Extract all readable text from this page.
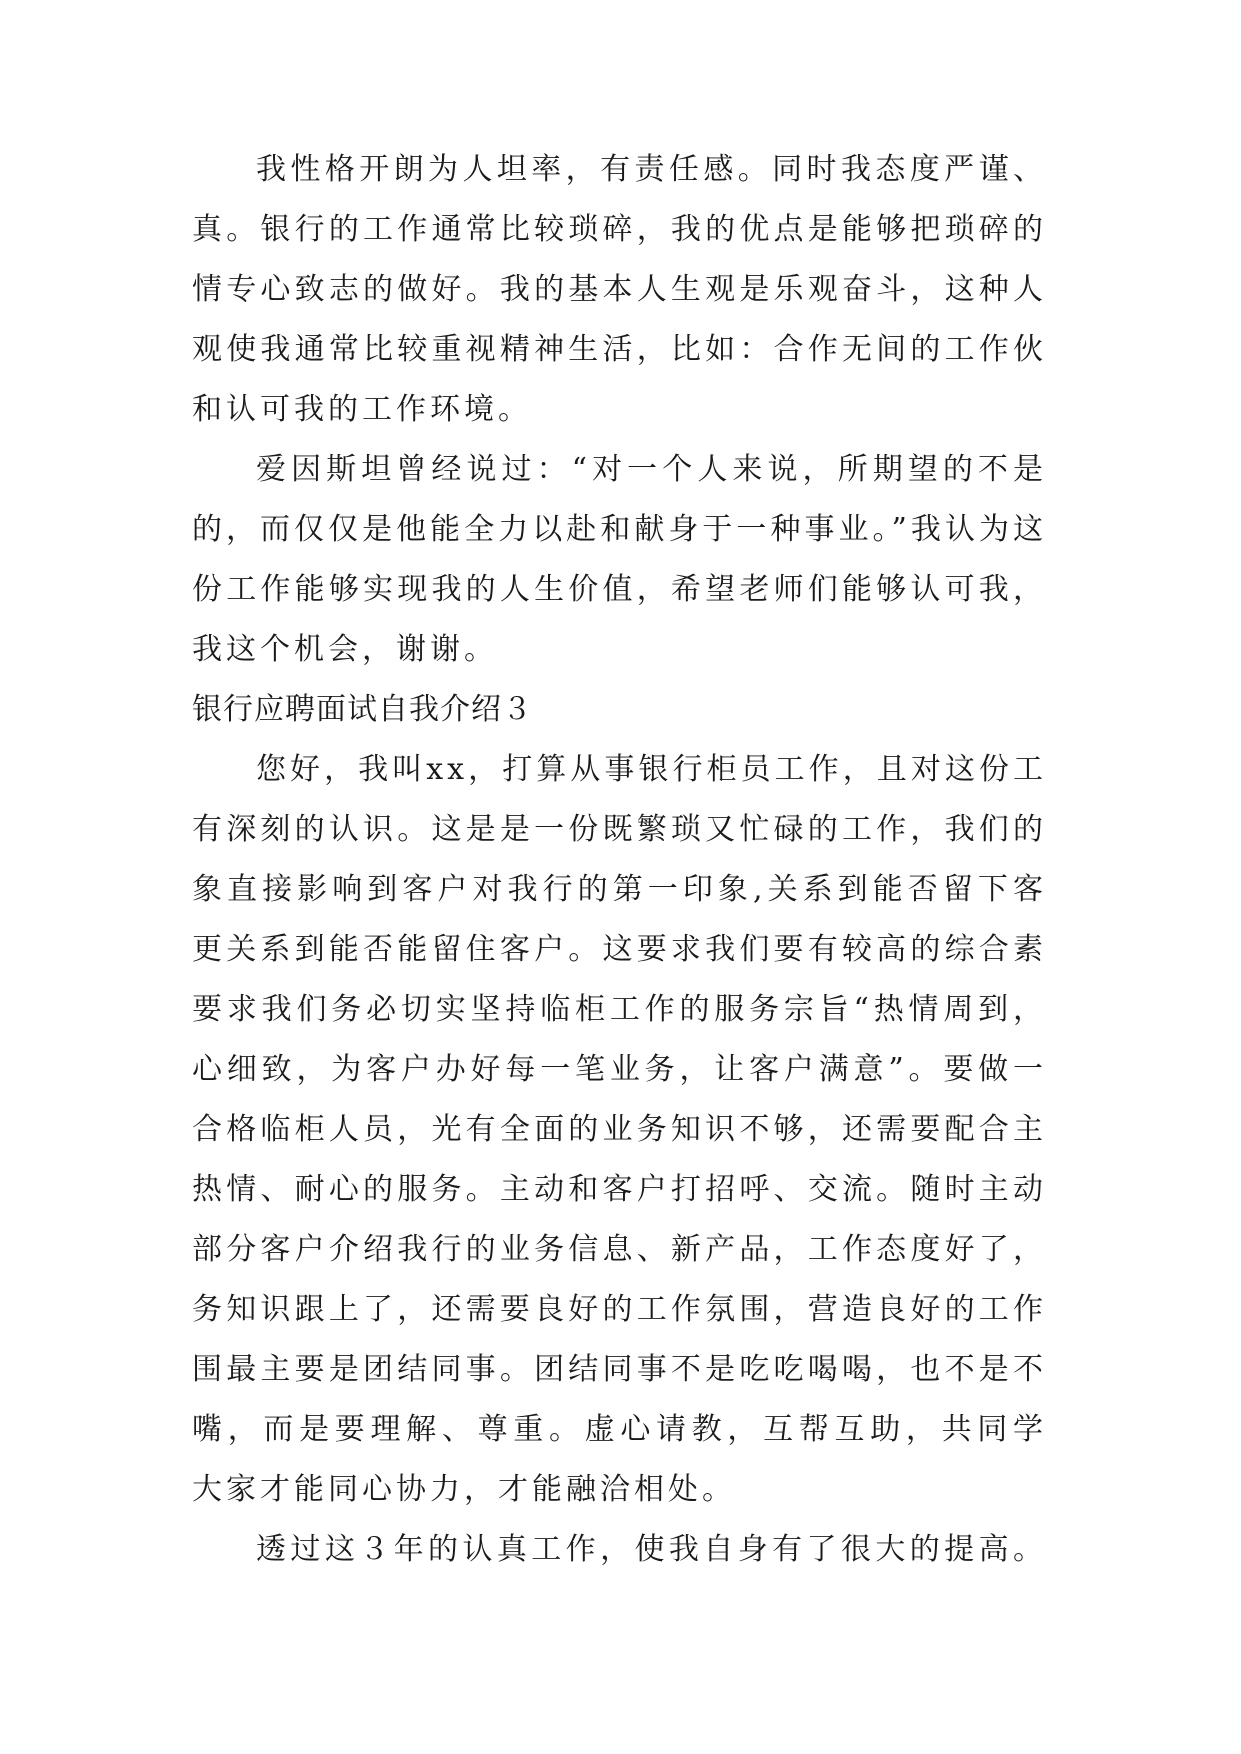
我性格开朗为人坦率，有责任感。同时我态度严谨、
真。银行的工作通常比较琐碎，我的优点是能够把琐碎的
情专心致志的做好。我的基本人生观是乐观奋斗，这种人
观使我通常比较重视精神生活，比如：合作无间的工作伙
和认可我的工作环境。
爱因斯坦曾经说过：“对一个人来说，所期望的不是
的，而仅仅是他能全力以赴和献身于一种事业。”我认为这
份工作能够实现我的人生价值，希望老师们能够认可我，
我这个机会，谢谢。
银行应聘面试自我介绍３
您好，我叫xx，打算从事银行柜员工作，且对这份工
有深刻的认识。这是是一份既繁琐又忙碌的工作，我们的
象直接影响到客户对我行的第一印象,关系到能否留下客
更关系到能否能留住客户。这要求我们要有较高的综合素
要求我们务必切实坚持临柜工作的服务宗旨“热情周到，
心细致，为客户办好每一笔业务，让客户满意”。要做一
合格临柜人员，光有全面的业务知识不够，还需要配合主
热情、耐心的服务。主动和客户打招呼、交流。随时主动
部分客户介绍我行的业务信息、新产品，工作态度好了，
务知识跟上了，还需要良好的工作氛围，营造良好的工作
围最主要是团结同事。团结同事不是吃吃喝喝，也不是不
嘴，而是要理解、尊重。虚心请教，互帮互助，共同学
大家才能同心协力，才能融洽相处。
透过这３年的认真工作，使我自身有了很大的提高。
